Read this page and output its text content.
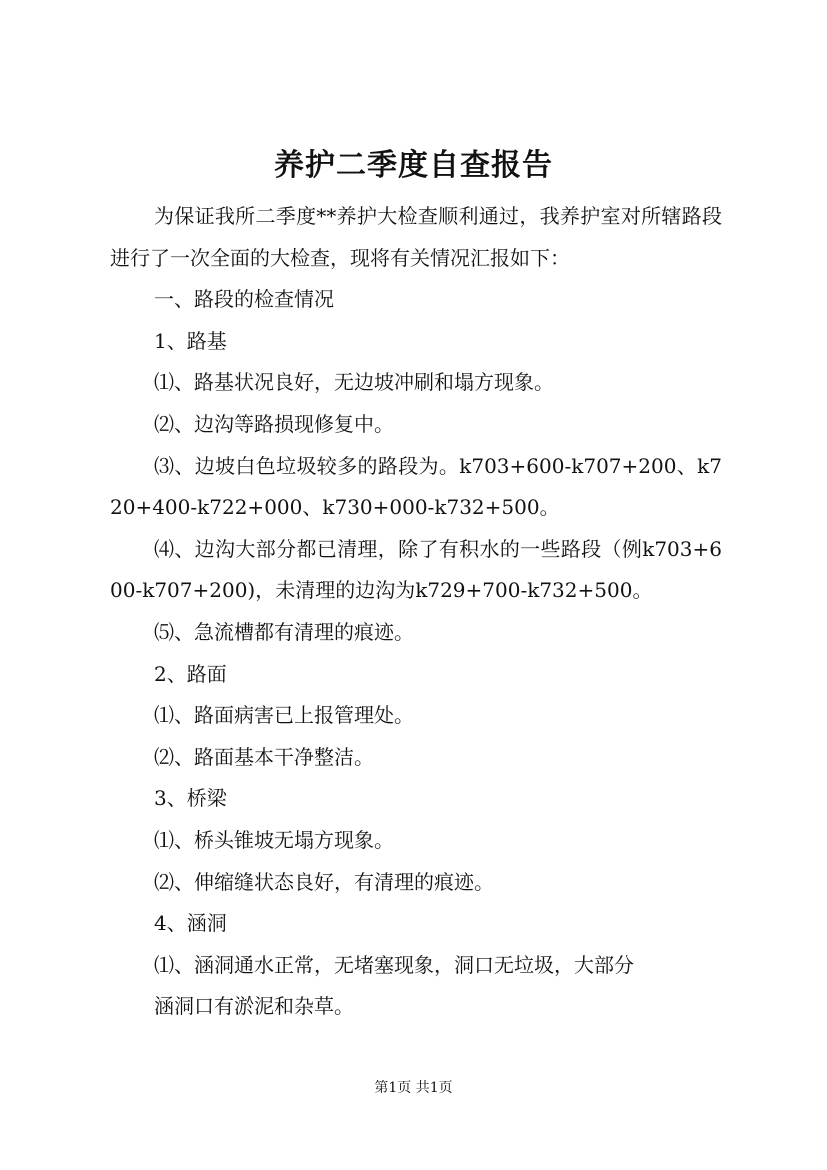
养护二季度自查报告

为保证我所二季度**养护大检查顺利通过，我养护室对所辖路段进行了一次全面的大检查，现将有关情况汇报如下：

一、路段的检查情况

1、路基

⑴、路基状况良好，无边坡冲刷和塌方现象。

⑵、边沟等路损现修复中。

⑶、边坡白色垃圾较多的路段为。k703+600-k707+200、k720+400-k722+000、k730+000-k732+500。

⑷、边沟大部分都已清理，除了有积水的一些路段（例k703+600-k707+200)，未清理的边沟为k729+700-k732+500。

⑸、急流槽都有清理的痕迹。

2、路面

⑴、路面病害已上报管理处。

⑵、路面基本干净整洁。

3、桥梁

⑴、桥头锥坡无塌方现象。

⑵、伸缩缝状态良好，有清理的痕迹。

4、涵洞

⑴、涵洞通水正常，无堵塞现象，洞口无垃圾，大部分

涵洞口有淤泥和杂草。

第1页 共1页
